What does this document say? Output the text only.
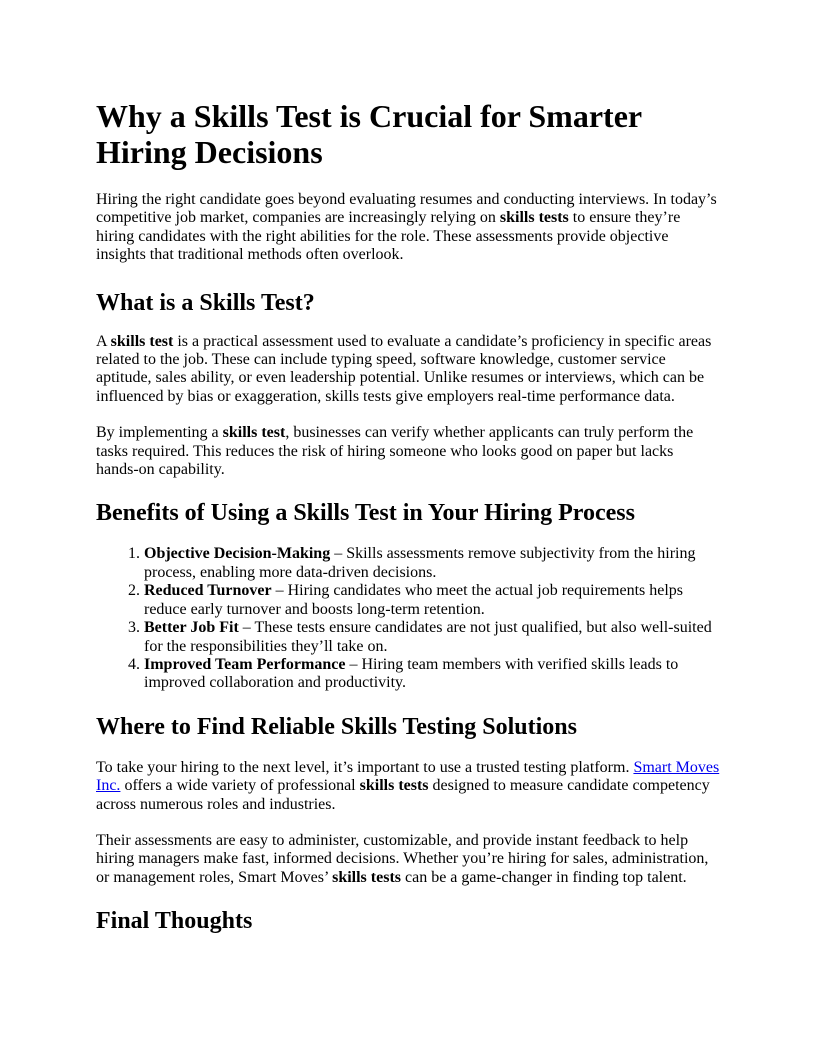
Why a Skills Test is Crucial for Smarter Hiring Decisions

Hiring the right candidate goes beyond evaluating resumes and conducting interviews. In today’s competitive job market, companies are increasingly relying on skills tests to ensure they’re hiring candidates with the right abilities for the role. These assessments provide objective insights that traditional methods often overlook.

What is a Skills Test?

A skills test is a practical assessment used to evaluate a candidate’s proficiency in specific areas related to the job. These can include typing speed, software knowledge, customer service aptitude, sales ability, or even leadership potential. Unlike resumes or interviews, which can be influenced by bias or exaggeration, skills tests give employers real-time performance data.

By implementing a skills test, businesses can verify whether applicants can truly perform the tasks required. This reduces the risk of hiring someone who looks good on paper but lacks hands-on capability.

Benefits of Using a Skills Test in Your Hiring Process
1. Objective Decision-Making – Skills assessments remove subjectivity from the hiring process, enabling more data-driven decisions.
2. Reduced Turnover – Hiring candidates who meet the actual job requirements helps reduce early turnover and boosts long-term retention.
3. Better Job Fit – These tests ensure candidates are not just qualified, but also well-suited for the responsibilities they’ll take on.
4. Improved Team Performance – Hiring team members with verified skills leads to improved collaboration and productivity.
Where to Find Reliable Skills Testing Solutions

To take your hiring to the next level, it’s important to use a trusted testing platform. Smart Moves Inc. offers a wide variety of professional skills tests designed to measure candidate competency across numerous roles and industries.

Their assessments are easy to administer, customizable, and provide instant feedback to help hiring managers make fast, informed decisions. Whether you’re hiring for sales, administration, or management roles, Smart Moves’ skills tests can be a game-changer in finding top talent.

Final Thoughts
